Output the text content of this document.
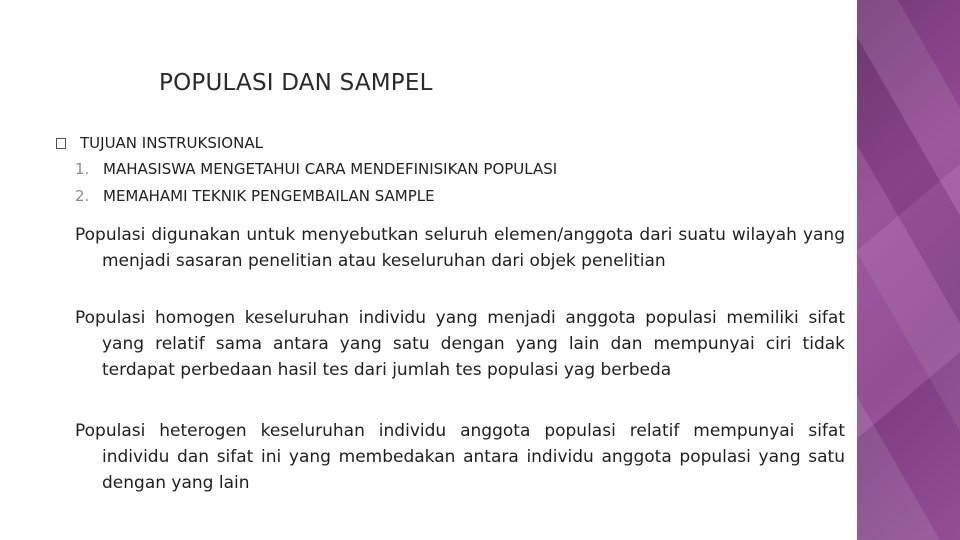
POPULASI DAN SAMPEL
TUJUAN INSTRUKSIONAL
1. MAHASISWA MENGETAHUI CARA MENDEFINISIKAN POPULASI
2. MEMAHAMI TEKNIK PENGEMBAILAN SAMPLE

Populasi digunakan untuk menyebutkan seluruh elemen/anggota dari suatu wilayah yang menjadi sasaran penelitian atau keseluruhan dari objek penelitian

Populasi homogen keseluruhan individu yang menjadi anggota populasi memiliki sifat yang relatif sama antara yang satu dengan yang lain dan mempunyai ciri tidak terdapat perbedaan hasil tes dari jumlah tes populasi yag berbeda

Populasi heterogen keseluruhan individu anggota populasi relatif mempunyai sifat individu dan sifat ini yang membedakan antara individu anggota populasi yang satu dengan yang lain
